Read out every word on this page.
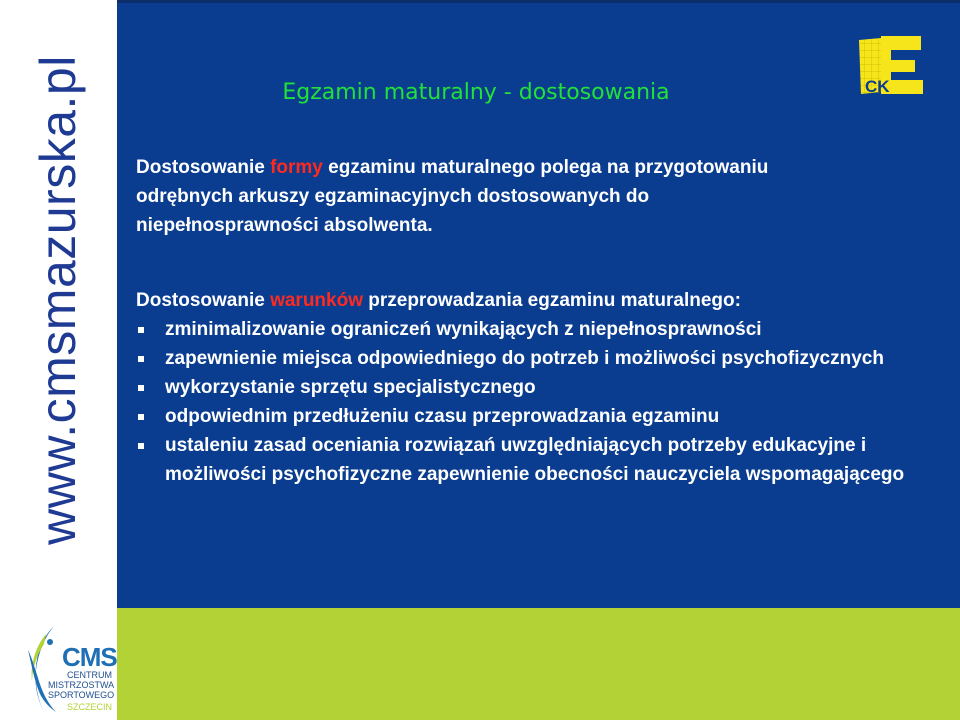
www.cmsmazurska.pl	Egzamin maturalny - dostosowania	CK
Dostosowanie formy egzaminu maturalnego polega na przygotowaniu odrębnych arkuszy egzaminacyjnych dostosowanych do niepełnosprawności absolwenta.
Dostosowanie warunków przeprowadzania egzaminu maturalnego:
zminimalizowanie ograniczeń wynikających z niepełnosprawności
zapewnienie miejsca odpowiedniego do potrzeb i możliwości psychofizycznych
wykorzystanie sprzętu specjalistycznego
odpowiednim przedłużeniu czasu przeprowadzania egzaminu
ustaleniu zasad oceniania rozwiązań uwzględniających potrzeby edukacyjne i możliwości psychofizyczne zapewnienie obecności nauczyciela wspomagającego
CMS
CENTRUM
MISTRZOSTWA
SPORTOWEGO
SZCZECIN
